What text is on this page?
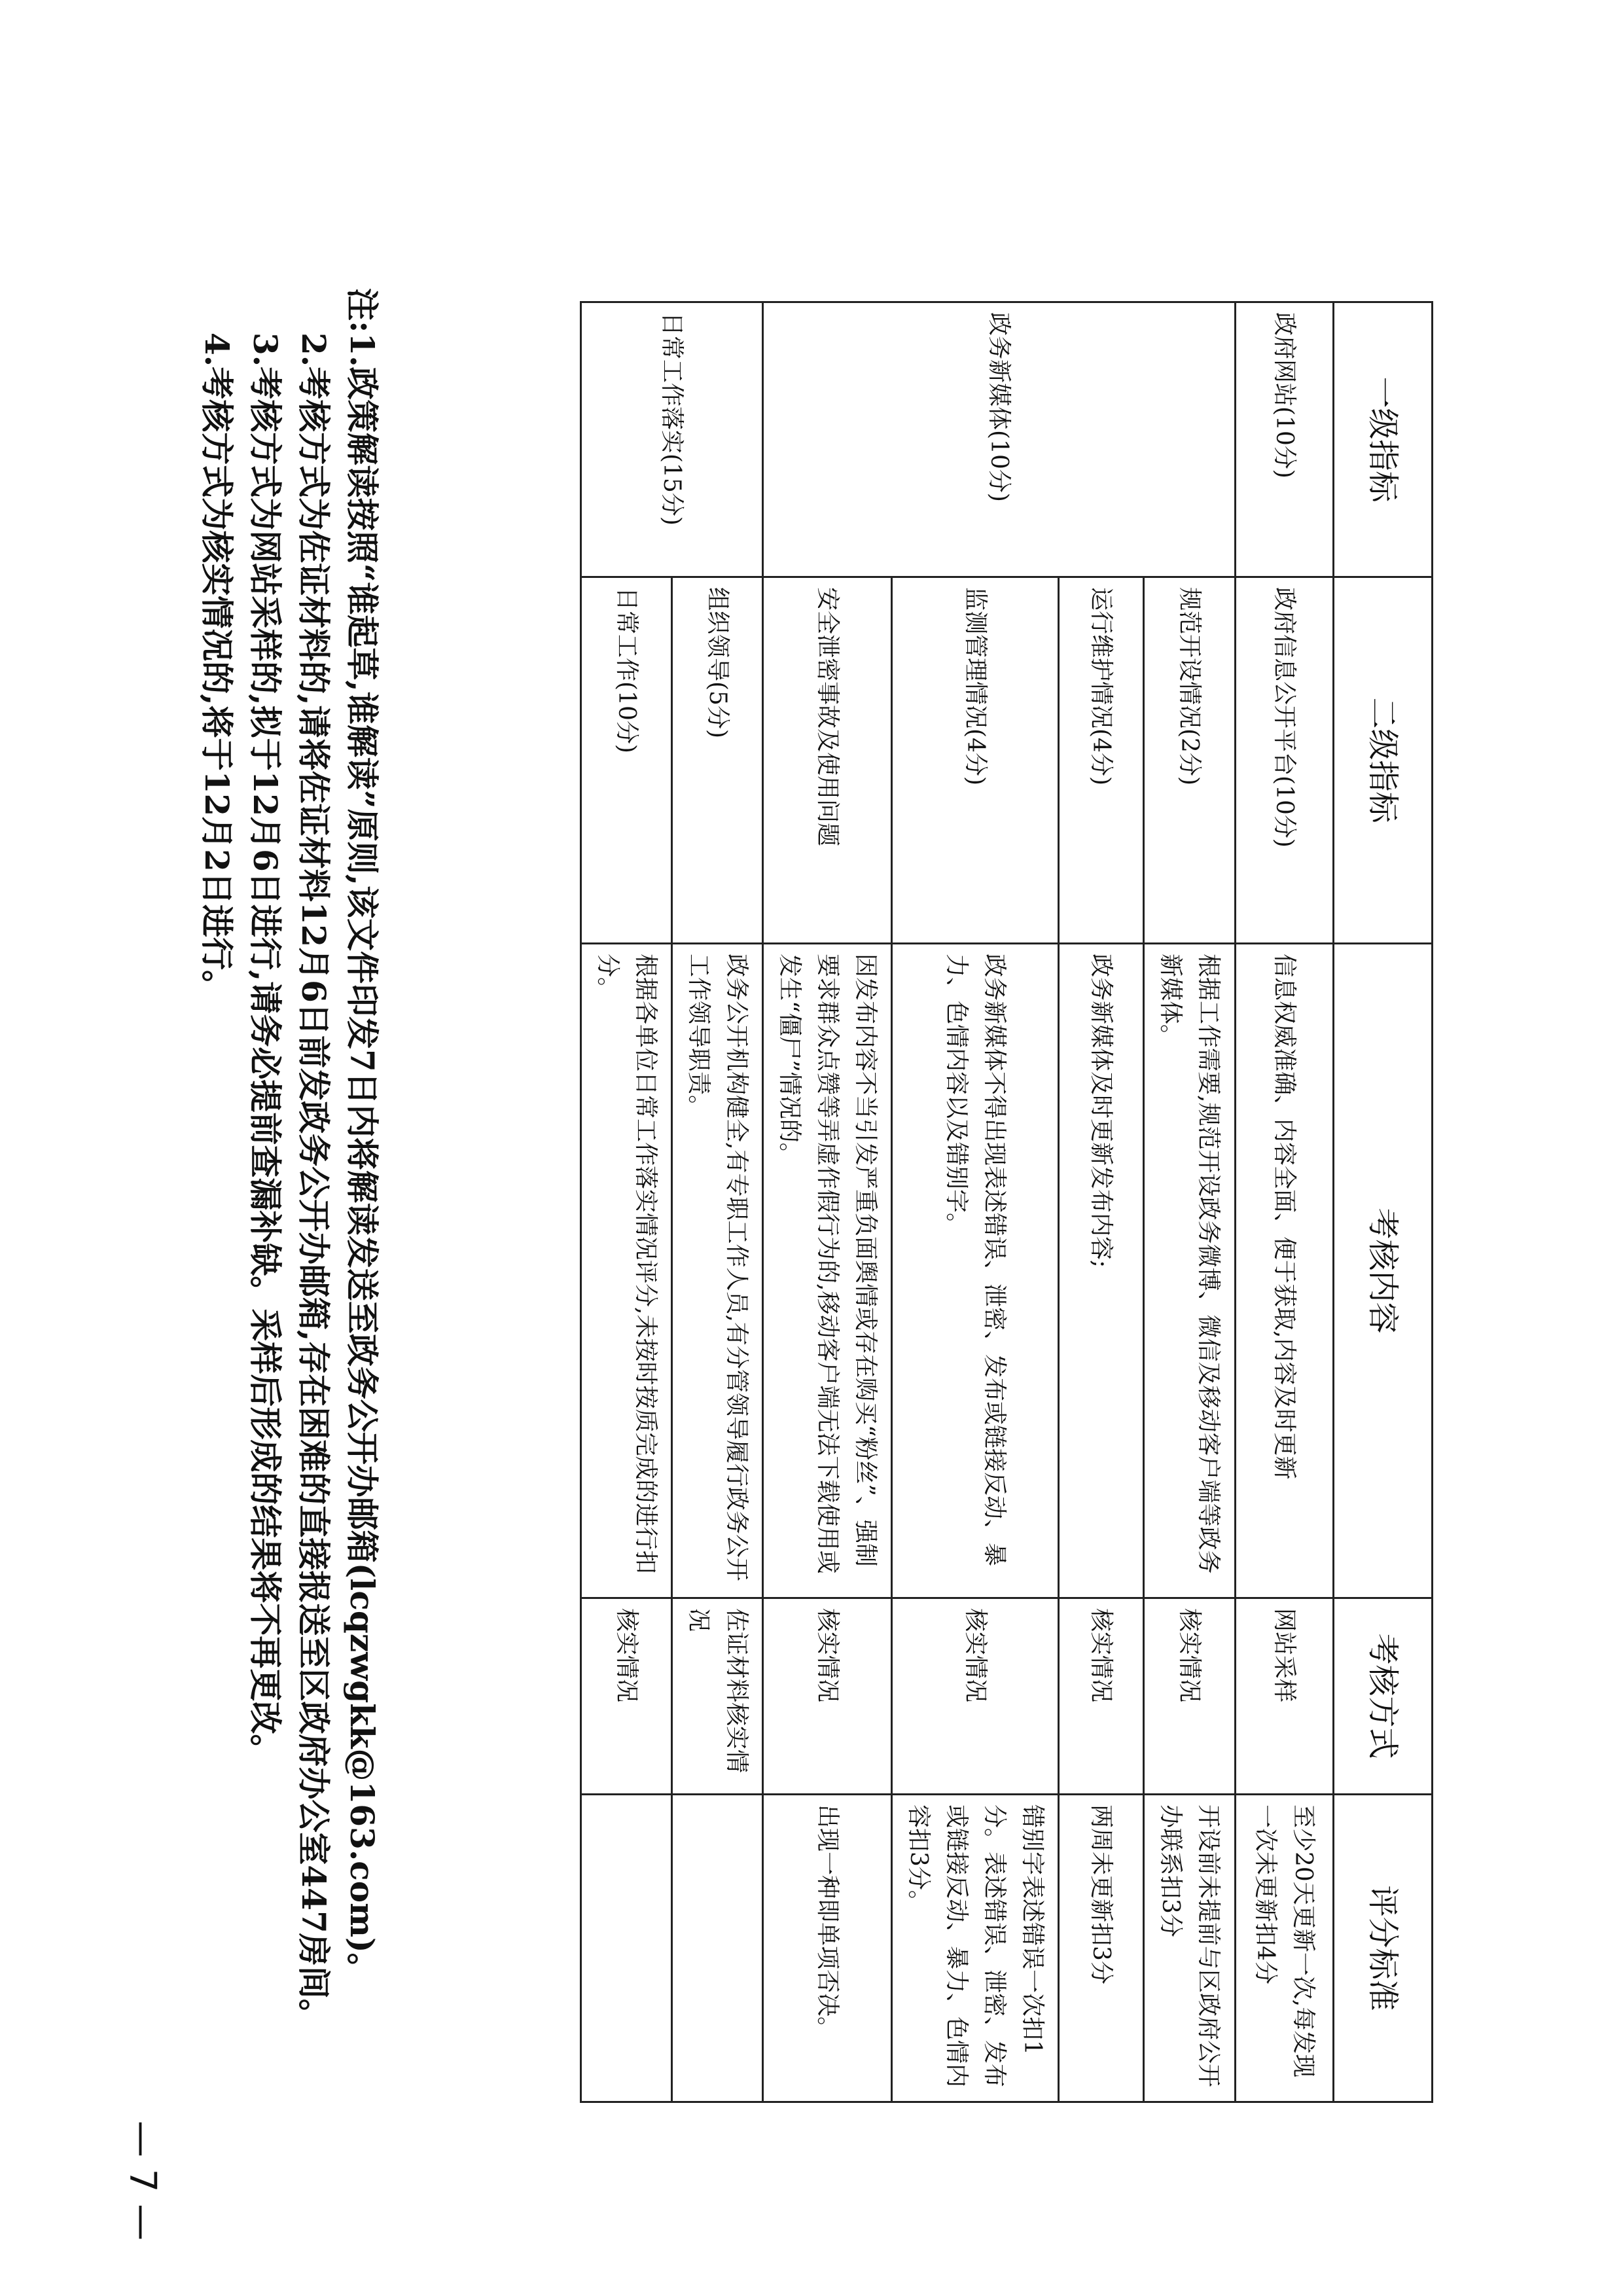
一级指标	二级指标	考核内容	考核方式	评分标准
政府网站(10分)	政府信息公开平台(10分)	信息权威准确、内容全面、便于获取,内容及时更新	网站采样	至少20天更新一次,每发现一次未更新扣4分
政务新媒体(10分)	规范开设情况(2分)	根据工作需要,规范开设政务微博、微信及移动客户端等政务新媒体。	核实情况	开设前未提前与区政府公开办联系扣3分
	运行维护情况(4分)	政务新媒体及时更新发布内容;	核实情况	两周未更新扣3分
	监测管理情况(4分)	政务新媒体不得出现表述错误、泄密、发布或链接反动、暴力、色情内容以及错别字。	核实情况	错别字表述错误一次扣1分。表述错误、泄密、发布或链接反动、暴力、色情内容扣3分。
	安全泄密事故及使用问题	因发布内容不当引发严重负面舆情或存在购买“粉丝”、强制要求群众点赞等弄虚作假行为的,移动客户端无法下载使用或发生“僵尸”情况的。	核实情况	出现一种即单项否决。
日常工作落实(15分)	组织领导(5分)	政务公开机构健全,有专职工作人员,有分管领导履行政务公开工作领导职责。	佐证材料核实情况	
	日常工作(10分)	根据各单位日常工作落实情况评分,未按时按质完成的进行扣分。	核实情况	
注:1.政策解读按照“谁起草,谁解读”原则,该文件印发7日内将解读发送至政务公开办邮箱(lcqzwgkk@163.com)。
2.考核方式为佐证材料的,请将佐证材料12月6日前发政务公开办邮箱,存在困难的直接报送至区政府办公室447房间。
3.考核方式为网站采样的,拟于12月6日进行,请务必提前查漏补缺。采样后形成的结果将不再更改。
4.考核方式为核实情况的,将于12月2日进行。
— 7 —
